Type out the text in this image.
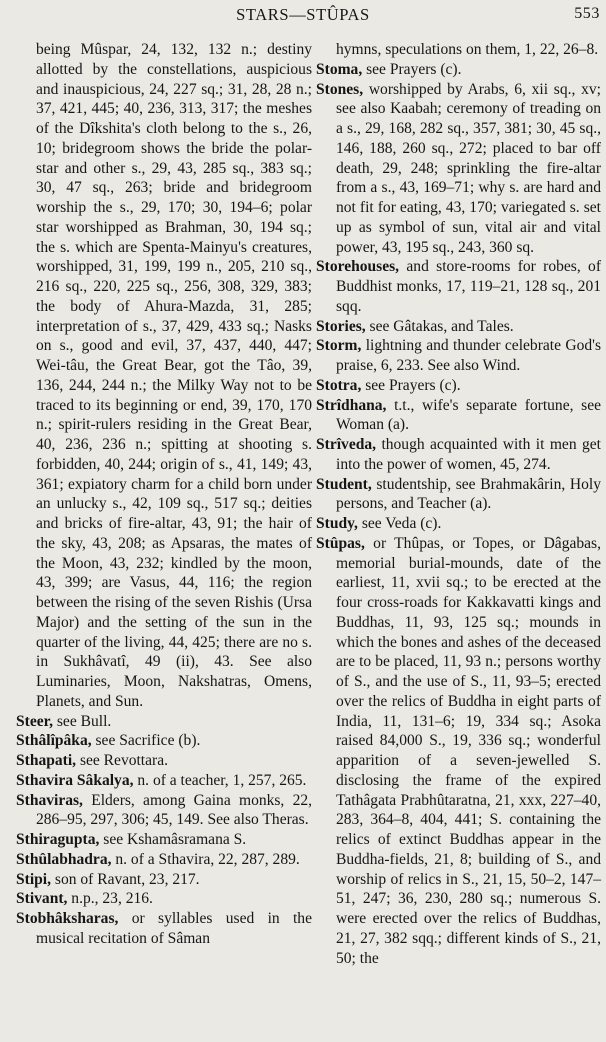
STARS—STÛPAS	553

being Mûspar, 24, 132, 132 n.; destiny allotted by the constellations, auspicious and inauspicious, 24, 227 sq.; 31, 28, 28 n.; 37, 421, 445; 40, 236, 313, 317; the meshes of the Dîkshita's cloth belong to the s., 26, 10; bridegroom shows the bride the polar-star and other s., 29, 43, 285 sq., 383 sq.; 30, 47 sq., 263; bride and bridegroom worship the s., 29, 170; 30, 194–6; polar star worshipped as Brahman, 30, 194 sq.; the s. which are Spenta-Mainyu's creatures, worshipped, 31, 199, 199 n., 205, 210 sq., 216 sq., 220, 225 sq., 256, 308, 329, 383; the body of Ahura-Mazda, 31, 285; interpretation of s., 37, 429, 433 sq.; Nasks on s., good and evil, 37, 437, 440, 447; Wei-tâu, the Great Bear, got the Tâo, 39, 136, 244, 244 n.; the Milky Way not to be traced to its beginning or end, 39, 170, 170 n.; spirit-rulers residing in the Great Bear, 40, 236, 236 n.; spitting at shooting s. forbidden, 40, 244; origin of s., 41, 149; 43, 361; expiatory charm for a child born under an unlucky s., 42, 109 sq., 517 sq.; deities and bricks of fire-altar, 43, 91; the hair of the sky, 43, 208; as Apsaras, the mates of the Moon, 43, 232; kindled by the moon, 43, 399; are Vasus, 44, 116; the region between the rising of the seven Rishis (Ursa Major) and the setting of the sun in the quarter of the living, 44, 425; there are no s. in Sukhâvatî, 49 (ii), 43. See also Luminaries, Moon, Nakshatras, Omens, Planets, and Sun.

Steer, see Bull.

Sthâlîpâka, see Sacrifice (b).

Sthapati, see Revottara.

Sthavira Sâkalya, n. of a teacher, 1, 257, 265.

Sthaviras, Elders, among Gaina monks, 22, 286–95, 297, 306; 45, 149. See also Theras.

Sthiragupta, see Kshamâsramana S.

Sthûlabhadra, n. of a Sthavira, 22, 287, 289.

Stipi, son of Ravant, 23, 217.

Stivant, n.p., 23, 216.

Stobhâksharas, or syllables used in the musical recitation of Sâman

hymns, speculations on them, 1, 22, 26–8.

Stoma, see Prayers (c).

Stones, worshipped by Arabs, 6, xii sq., xv; see also Kaabah; ceremony of treading on a s., 29, 168, 282 sq., 357, 381; 30, 45 sq., 146, 188, 260 sq., 272; placed to bar off death, 29, 248; sprinkling the fire-altar from a s., 43, 169–71; why s. are hard and not fit for eating, 43, 170; variegated s. set up as symbol of sun, vital air and vital power, 43, 195 sq., 243, 360 sq.

Storehouses, and store-rooms for robes, of Buddhist monks, 17, 119–21, 128 sq., 201 sqq.

Stories, see Gâtakas, and Tales.

Storm, lightning and thunder celebrate God's praise, 6, 233. See also Wind.

Stotra, see Prayers (c).

Strîdhana, t.t., wife's separate fortune, see Woman (a).

Strîveda, though acquainted with it men get into the power of women, 45, 274.

Student, studentship, see Brahmakârin, Holy persons, and Teacher (a).

Study, see Veda (c).

Stûpas, or Thûpas, or Topes, or Dâgabas, memorial burial-mounds, date of the earliest, 11, xvii sq.; to be erected at the four cross-roads for Kakkavatti kings and Buddhas, 11, 93, 125 sq.; mounds in which the bones and ashes of the deceased are to be placed, 11, 93 n.; persons worthy of S., and the use of S., 11, 93–5; erected over the relics of Buddha in eight parts of India, 11, 131–6; 19, 334 sq.; Asoka raised 84,000 S., 19, 336 sq.; wonderful apparition of a seven-jewelled S. disclosing the frame of the expired Tathâgata Prabhûtaratna, 21, xxx, 227–40, 283, 364–8, 404, 441; S. containing the relics of extinct Buddhas appear in the Buddha-fields, 21, 8; building of S., and worship of relics in S., 21, 15, 50–2, 147–51, 247; 36, 230, 280 sq.; numerous S. were erected over the relics of Buddhas, 21, 27, 382 sqq.; different kinds of S., 21, 50; the
